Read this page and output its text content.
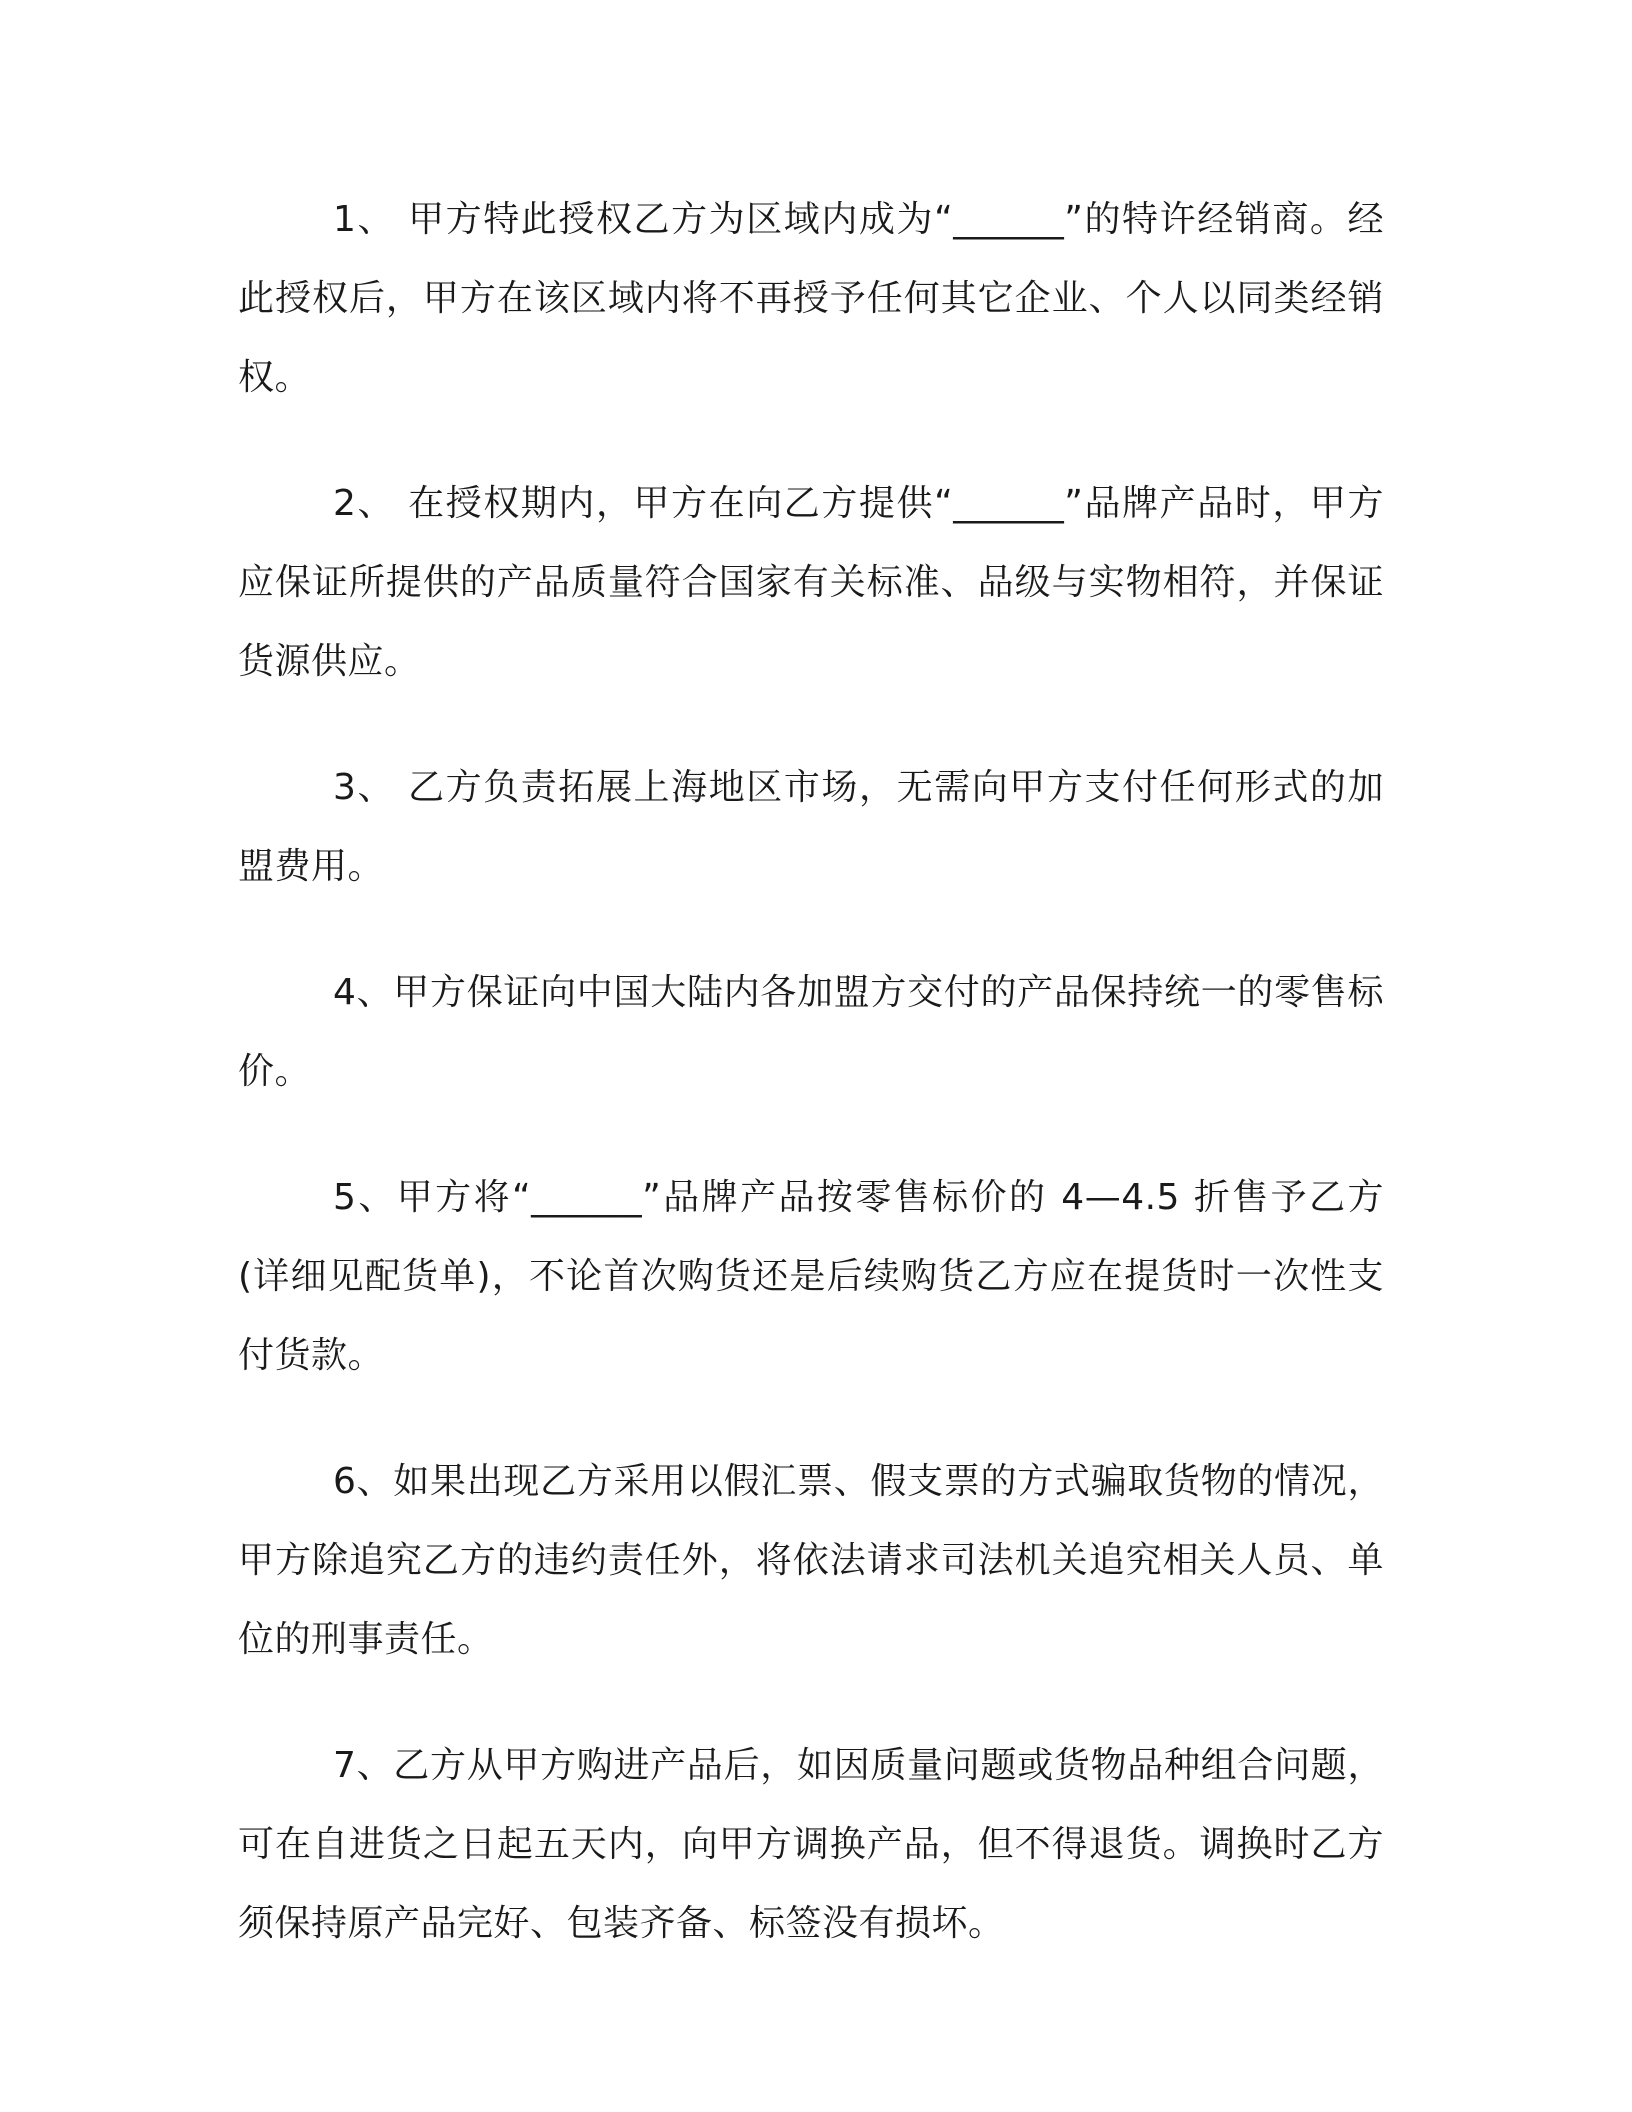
1、 甲方特此授权乙方为区域内成为“______”的特许经销商。经此授权后，甲方在该区域内将不再授予任何其它企业、个人以同类经销权。

2、 在授权期内，甲方在向乙方提供“______”品牌产品时，甲方应保证所提供的产品质量符合国家有关标准、品级与实物相符，并保证货源供应。

3、 乙方负责拓展上海地区市场，无需向甲方支付任何形式的加盟费用。

4、甲方保证向中国大陆内各加盟方交付的产品保持统一的零售标价。

5、甲方将“______”品牌产品按零售标价的 4—4.5 折售予乙方(详细见配货单)，不论首次购货还是后续购货乙方应在提货时一次性支付货款。

6、如果出现乙方采用以假汇票、假支票的方式骗取货物的情况，甲方除追究乙方的违约责任外，将依法请求司法机关追究相关人员、单位的刑事责任。

7、乙方从甲方购进产品后，如因质量问题或货物品种组合问题，可在自进货之日起五天内，向甲方调换产品，但不得退货。调换时乙方须保持原产品完好、包装齐备、标签没有损坏。
